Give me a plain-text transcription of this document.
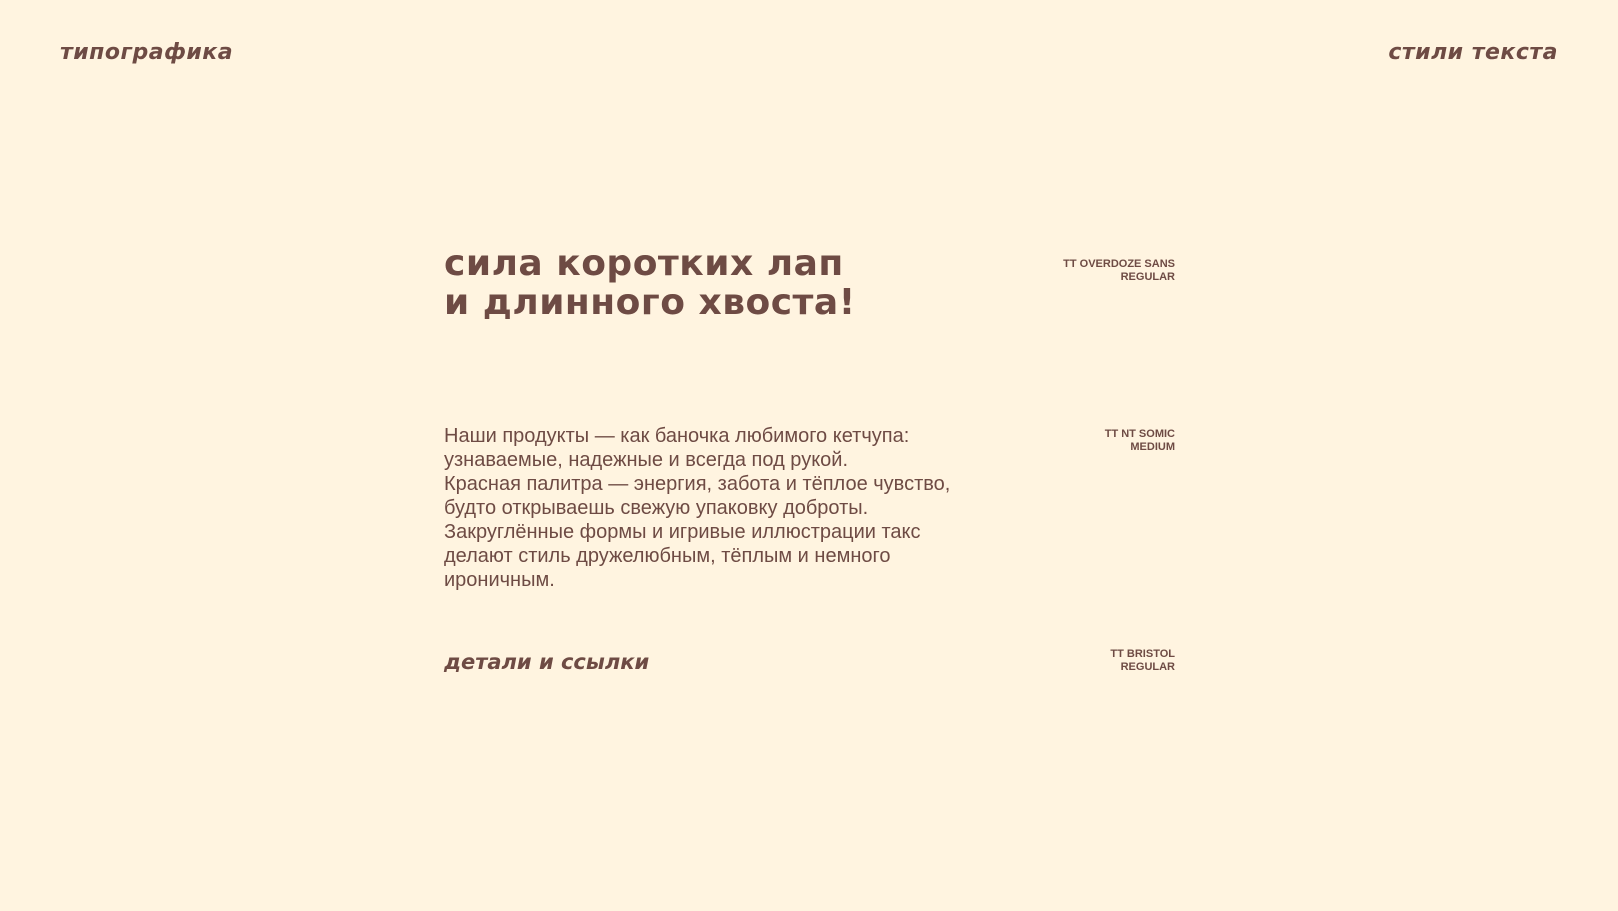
типографика	стили текста
сила коротких лап
и длинного хвоста!
TT OVERDOZE SANS
REGULAR
Наши продукты — как баночка любимого кетчупа:
узнаваемые, надежные и всегда под рукой.
Красная палитра — энергия, забота и тёплое чувство,
будто открываешь свежую упаковку доброты.
Закруглённые формы и игривые иллюстрации такс
делают стиль дружелюбным, тёплым и немного
ироничным.
TT NT SOMIC
MEDIUM
детали и ссылки	TT BRISTOL
REGULAR
